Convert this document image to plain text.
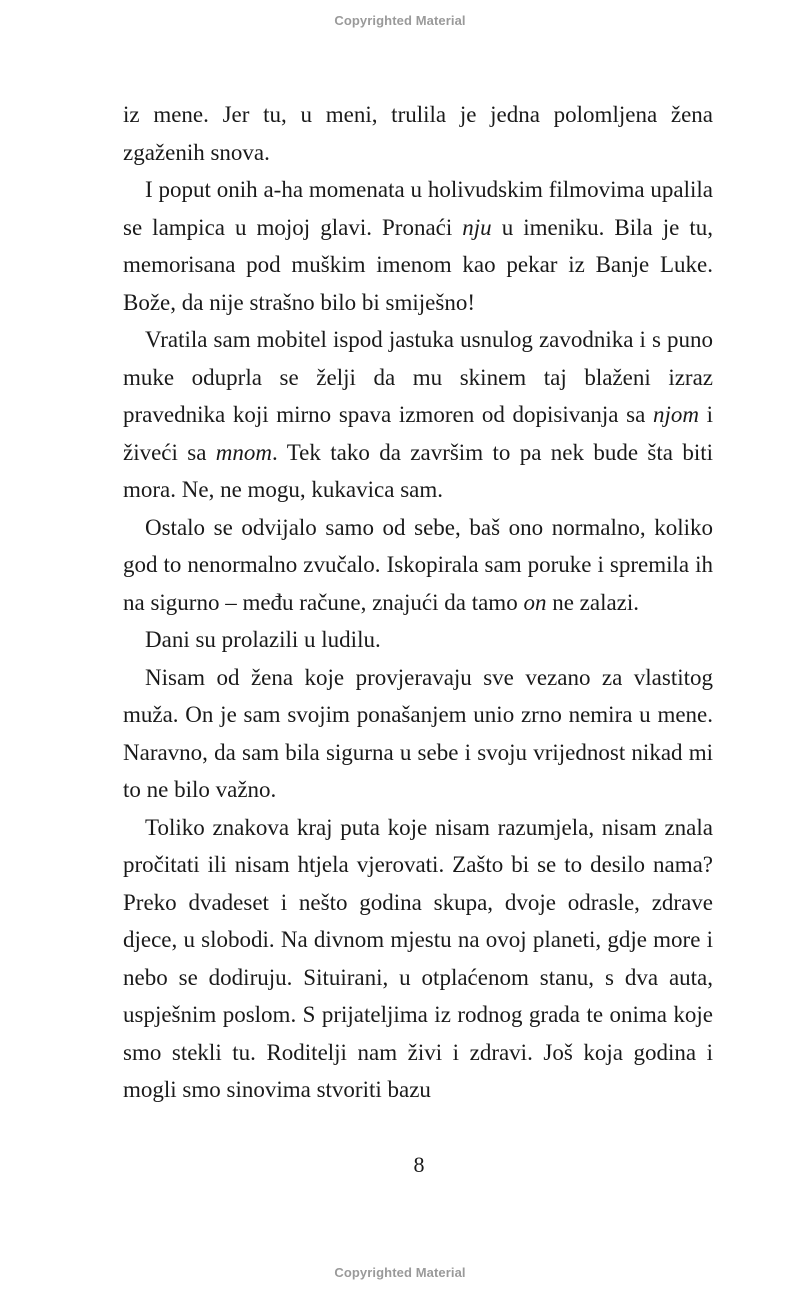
Copyrighted Material

iz mene. Jer tu, u meni, trulila je jedna polomljena žena zgaženih snova.

I poput onih a-ha momenata u holivudskim filmovima upalila se lampica u mojoj glavi. Pronaći nju u imeniku. Bila je tu, memorisana pod muškim imenom kao pekar iz Banje Luke. Bože, da nije strašno bilo bi smiješno!

Vratila sam mobitel ispod jastuka usnulog zavodnika i s puno muke oduprla se želji da mu skinem taj blaženi izraz pravednika koji mirno spava izmoren od dopisivanja sa njom i živeći sa mnom. Tek tako da završim to pa nek bude šta biti mora. Ne, ne mogu, kukavica sam.

Ostalo se odvijalo samo od sebe, baš ono normalno, koliko god to nenormalno zvučalo. Iskopirala sam poruke i spremila ih na sigurno – među račune, znajući da tamo on ne zalazi.

Dani su prolazili u ludilu.

Nisam od žena koje provjeravaju sve vezano za vlastitog muža. On je sam svojim ponašanjem unio zrno nemira u mene. Naravno, da sam bila sigurna u sebe i svoju vrijednost nikad mi to ne bilo važno.

Toliko znakova kraj puta koje nisam razumjela, nisam znala pročitati ili nisam htjela vjerovati. Zašto bi se to desilo nama? Preko dvadeset i nešto godina skupa, dvoje odrasle, zdrave djece, u slobodi. Na divnom mjestu na ovoj planeti, gdje more i nebo se dodiruju. Situirani, u otplaćenom stanu, s dva auta, uspješnim poslom. S prijateljima iz rodnog grada te onima koje smo stekli tu. Roditelji nam živi i zdravi. Još koja godina i mogli smo sinovima stvoriti bazu

8
Copyrighted Material
